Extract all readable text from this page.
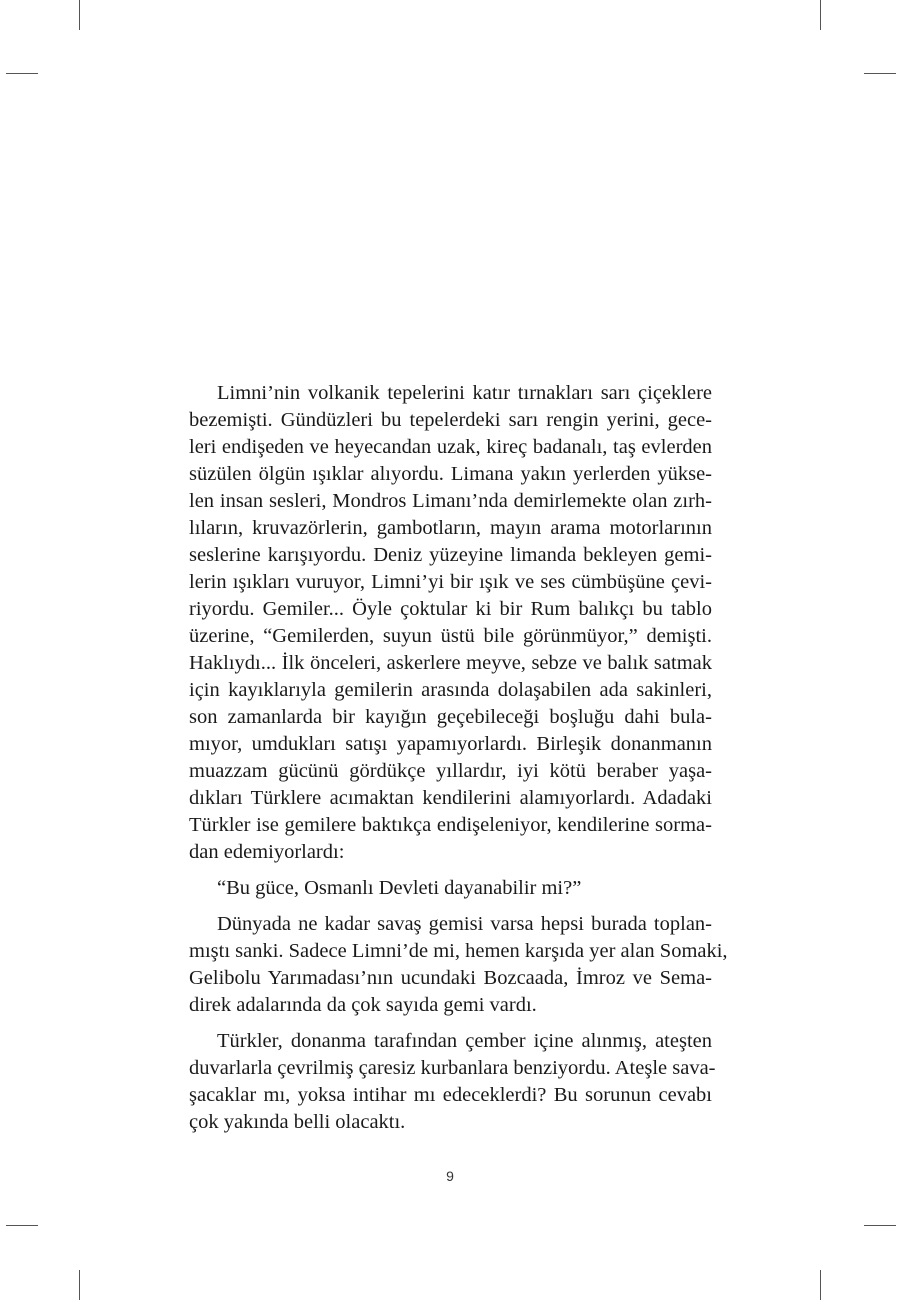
Limni’nin volkanik tepelerini katır tırnakları sarı çiçeklere
bezemişti. Gündüzleri bu tepelerdeki sarı rengin yerini, gece-
leri endişeden ve heyecandan uzak, kireç badanalı, taş evlerden
süzülen ölgün ışıklar alıyordu. Limana yakın yerlerden yükse-
len insan sesleri, Mondros Limanı’nda demirlemekte olan zırh-
lıların, kruvazörlerin, gambotların, mayın arama motorlarının
seslerine karışıyordu. Deniz yüzeyine limanda bekleyen gemi-
lerin ışıkları vuruyor, Limni’yi bir ışık ve ses cümbüşüne çevi-
riyordu. Gemiler... Öyle çoktular ki bir Rum balıkçı bu tablo
üzerine, “Gemilerden, suyun üstü bile görünmüyor,” demişti.
Haklıydı... İlk önceleri, askerlere meyve, sebze ve balık satmak
için kayıklarıyla gemilerin arasında dolaşabilen ada sakinleri,
son zamanlarda bir kayığın geçebileceği boşluğu dahi bula-
mıyor, umdukları satışı yapamıyorlardı. Birleşik donanmanın
muazzam gücünü gördükçe yıllardır, iyi kötü beraber yaşa-
dıkları Türklere acımaktan kendilerini alamıyorlardı. Adadaki
Türkler ise gemilere baktıkça endişeleniyor, kendilerine sorma-
dan edemiyorlardı:

“Bu güce, Osmanlı Devleti dayanabilir mi?”

Dünyada ne kadar savaş gemisi varsa hepsi burada toplan-
mıştı sanki. Sadece Limni’de mi, hemen karşıda yer alan Somaki,
Gelibolu Yarımadası’nın ucundaki Bozcaada, İmroz ve Sema-
direk adalarında da çok sayıda gemi vardı.

Türkler, donanma tarafından çember içine alınmış, ateşten
duvarlarla çevrilmiş çaresiz kurbanlara benziyordu. Ateşle sava-
şacaklar mı, yoksa intihar mı edeceklerdi? Bu sorunun cevabı
çok yakında belli olacaktı.

9
